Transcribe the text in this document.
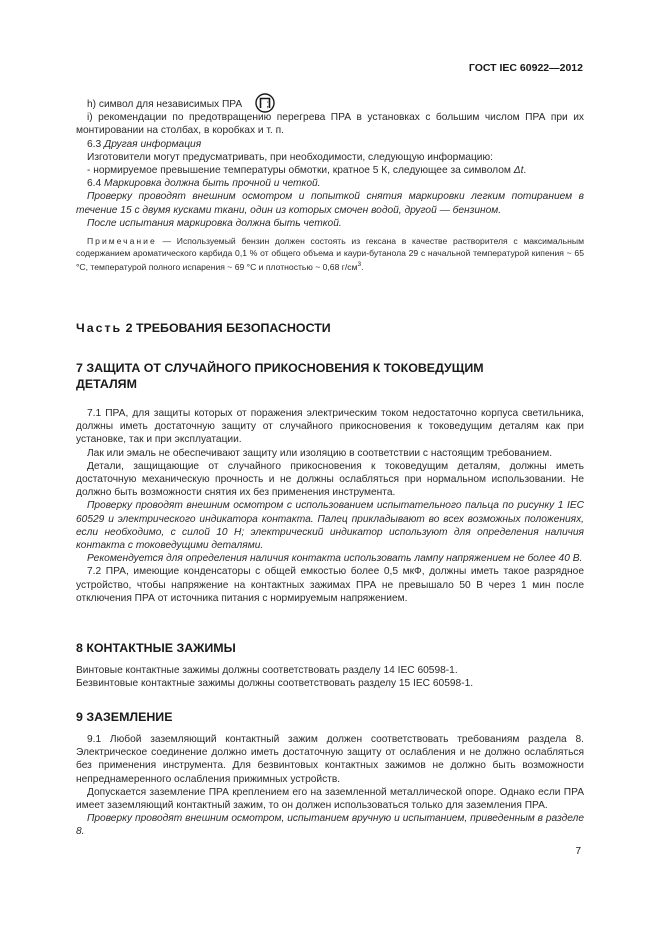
ГОСТ IEC 60922—2012

h) символ для независимых ПРА ;

i) рекомендации по предотвращению перегрева ПРА в установках с большим числом ПРА при их монтировании на столбах, в коробках и т. п.

6.3 Другая информация

Изготовители могут предусматривать, при необходимости, следующую информацию:

- нормируемое превышение температуры обмотки, кратное 5 К, следующее за символом Δt.

6.4 Маркировка должна быть прочной и четкой.

Проверку проводят внешним осмотром и попыткой снятия маркировки легким потиранием в течение 15 с двумя кусками ткани, один из которых смочен водой, другой — бензином.

После испытания маркировка должна быть четкой.

Примечание — Используемый бензин должен состоять из гексана в качестве растворителя с максимальным содержанием ароматического карбида 0,1 % от общего объема и каури-бутанола 29 с начальной температурой кипения ~ 65 °С, температурой полного испарения ~ 69 °С и плотностью ~ 0,68 $г/см^3$.

Часть 2 ТРЕБОВАНИЯ БЕЗОПАСНОСТИ
7 ЗАЩИТА ОТ СЛУЧАЙНОГО ПРИКОСНОВЕНИЯ К ТОКОВЕДУЩИМ ДЕТАЛЯМ

7.1 ПРА, для защиты которых от поражения электрическим током недостаточно корпуса светильника, должны иметь достаточную защиту от случайного прикосновения к токоведущим деталям как при установке, так и при эксплуатации.

Лак или эмаль не обеспечивают защиту или изоляцию в соответствии с настоящим требованием.

Детали, защищающие от случайного прикосновения к токоведущим деталям, должны иметь достаточную механическую прочность и не должны ослабляться при нормальном использовании. Не должно быть возможности снятия их без применения инструмента.

Проверку проводят внешним осмотром с использованием испытательного пальца по рисунку 1 IEC 60529 и электрического индикатора контакта. Палец прикладывают во всех возможных положениях, если необходимо, с силой 10 Н; электрический индикатор используют для определения наличия контакта с токоведущими деталями.

Рекомендуется для определения наличия контакта использовать лампу напряжением не более 40 В.

7.2 ПРА, имеющие конденсаторы с общей емкостью более 0,5 мкФ, должны иметь такое разрядное устройство, чтобы напряжение на контактных зажимах ПРА не превышало 50 В через 1 мин после отключения ПРА от источника питания с нормируемым напряжением.

8 КОНТАКТНЫЕ ЗАЖИМЫ

Винтовые контактные зажимы должны соответствовать разделу 14 IEC 60598-1.

Безвинтовые контактные зажимы должны соответствовать разделу 15 IEC 60598-1.

9 ЗАЗЕМЛЕНИЕ

9.1 Любой заземляющий контактный зажим должен соответствовать требованиям раздела 8. Электрическое соединение должно иметь достаточную защиту от ослабления и не должно ослабляться без применения инструмента. Для безвинтовых контактных зажимов не должно быть возможности непреднамеренного ослабления прижимных устройств.

Допускается заземление ПРА креплением его на заземленной металлической опоре. Однако если ПРА имеет заземляющий контактный зажим, то он должен использоваться только для заземления ПРА.

Проверку проводят внешним осмотром, испытанием вручную и испытанием, приведенным в разделе 8.

7
